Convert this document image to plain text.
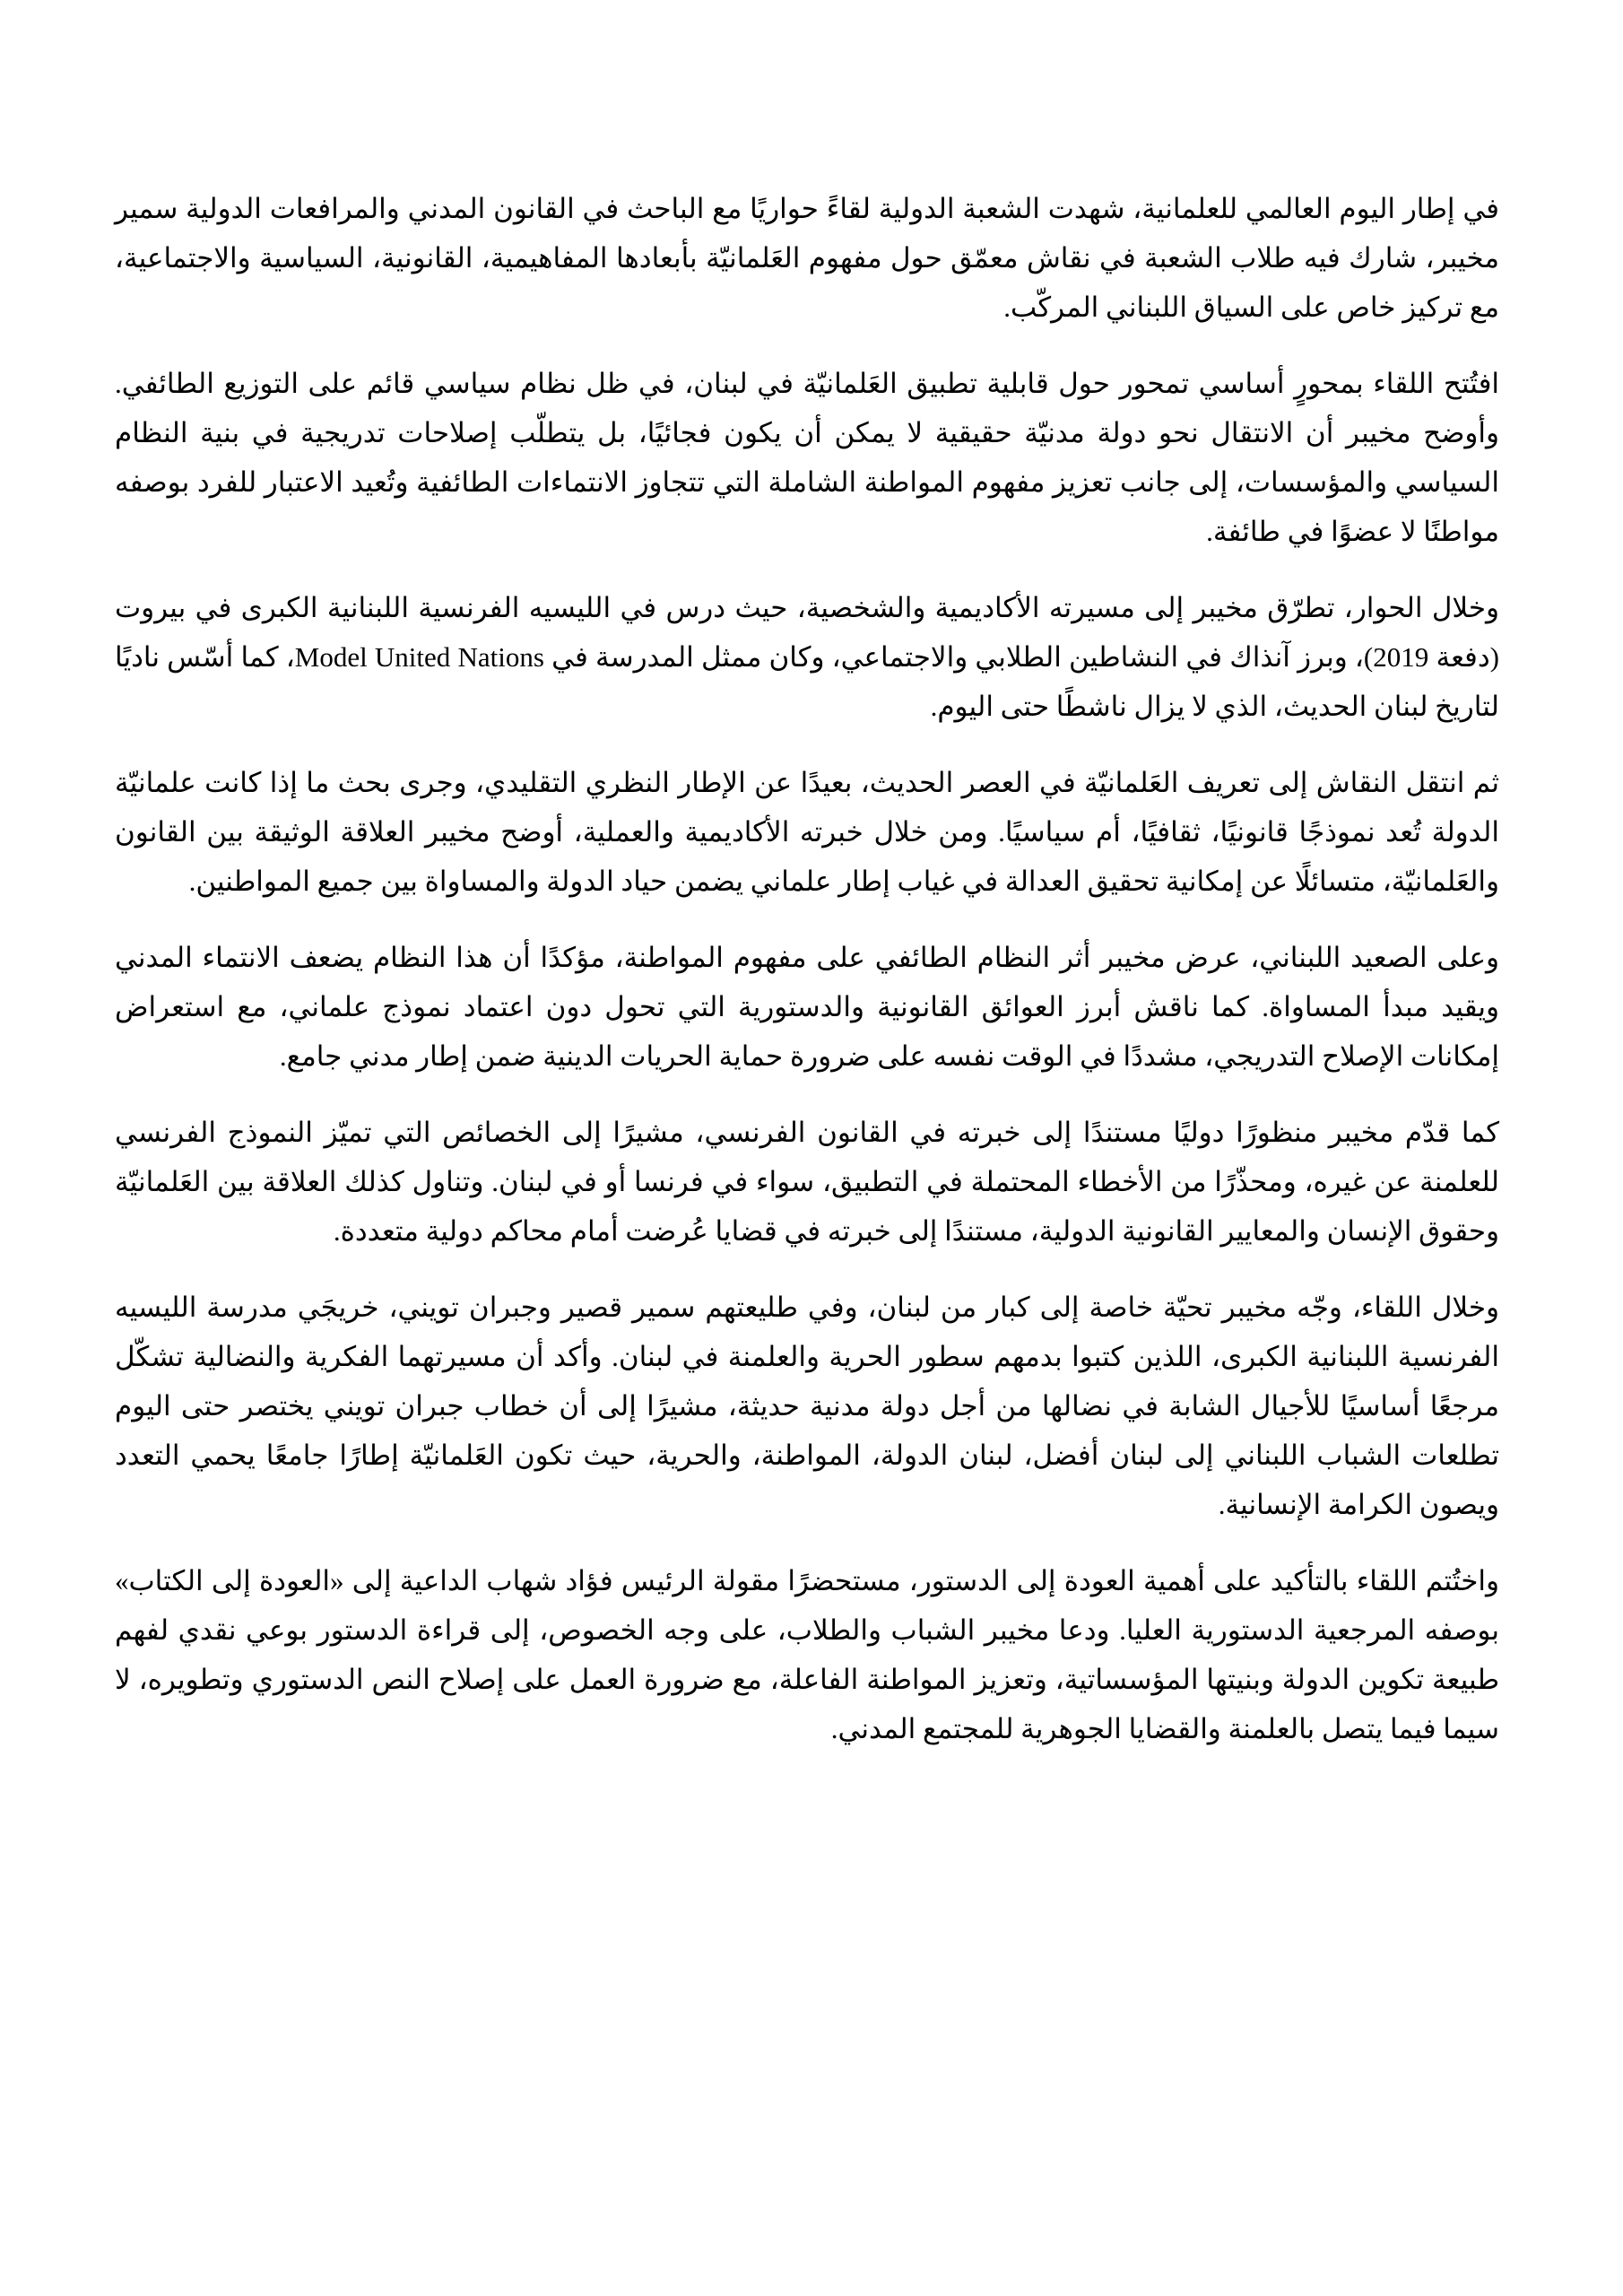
في إطار اليوم العالمي للعلمانية، شهدت الشعبة الدولية لقاءً حواريًا مع الباحث في القانون المدني والمرافعات الدولية سمير مخيبر، شارك فيه طلاب الشعبة في نقاش معمّق حول مفهوم العَلمانيّة بأبعادها المفاهيمية، القانونية، السياسية والاجتماعية، مع تركيز خاص على السياق اللبناني المركّب.

افتُتح اللقاء بمحورٍ أساسي تمحور حول قابلية تطبيق العَلمانيّة في لبنان، في ظل نظام سياسي قائم على التوزيع الطائفي. وأوضح مخيبر أن الانتقال نحو دولة مدنيّة حقيقية لا يمكن أن يكون فجائيًا، بل يتطلّب إصلاحات تدريجية في بنية النظام السياسي والمؤسسات، إلى جانب تعزيز مفهوم المواطنة الشاملة التي تتجاوز الانتماءات الطائفية وتُعيد الاعتبار للفرد بوصفه مواطنًا لا عضوًا في طائفة.

وخلال الحوار، تطرّق مخيبر إلى مسيرته الأكاديمية والشخصية، حيث درس في الليسيه الفرنسية اللبنانية الكبرى في بيروت (دفعة 2019)، وبرز آنذاك في النشاطين الطلابي والاجتماعي، وكان ممثل المدرسة في Model United Nations، كما أسّس ناديًا لتاريخ لبنان الحديث، الذي لا يزال ناشطًا حتى اليوم.

ثم انتقل النقاش إلى تعريف العَلمانيّة في العصر الحديث، بعيدًا عن الإطار النظري التقليدي، وجرى بحث ما إذا كانت علمانيّة الدولة تُعد نموذجًا قانونيًا، ثقافيًا، أم سياسيًا. ومن خلال خبرته الأكاديمية والعملية، أوضح مخيبر العلاقة الوثيقة بين القانون والعَلمانيّة، متسائلًا عن إمكانية تحقيق العدالة في غياب إطار علماني يضمن حياد الدولة والمساواة بين جميع المواطنين.

وعلى الصعيد اللبناني، عرض مخيبر أثر النظام الطائفي على مفهوم المواطنة، مؤكدًا أن هذا النظام يضعف الانتماء المدني ويقيد مبدأ المساواة. كما ناقش أبرز العوائق القانونية والدستورية التي تحول دون اعتماد نموذج علماني، مع استعراض إمكانات الإصلاح التدريجي، مشددًا في الوقت نفسه على ضرورة حماية الحريات الدينية ضمن إطار مدني جامع.

كما قدّم مخيبر منظورًا دوليًا مستندًا إلى خبرته في القانون الفرنسي، مشيرًا إلى الخصائص التي تميّز النموذج الفرنسي للعلمنة عن غيره، ومحذّرًا من الأخطاء المحتملة في التطبيق، سواء في فرنسا أو في لبنان. وتناول كذلك العلاقة بين العَلمانيّة وحقوق الإنسان والمعايير القانونية الدولية، مستندًا إلى خبرته في قضايا عُرضت أمام محاكم دولية متعددة.

وخلال اللقاء، وجّه مخيبر تحيّة خاصة إلى كبار من لبنان، وفي طليعتهم سمير قصير وجبران تويني، خريجَي مدرسة الليسيه الفرنسية اللبنانية الكبرى، اللذين كتبوا بدمهم سطور الحرية والعلمنة في لبنان. وأكد أن مسيرتهما الفكرية والنضالية تشكّل مرجعًا أساسيًا للأجيال الشابة في نضالها من أجل دولة مدنية حديثة، مشيرًا إلى أن خطاب جبران تويني يختصر حتى اليوم تطلعات الشباب اللبناني إلى لبنان أفضل، لبنان الدولة، المواطنة، والحرية، حيث تكون العَلمانيّة إطارًا جامعًا يحمي التعدد ويصون الكرامة الإنسانية.

واختُتم اللقاء بالتأكيد على أهمية العودة إلى الدستور، مستحضرًا مقولة الرئيس فؤاد شهاب الداعية إلى «العودة إلى الكتاب» بوصفه المرجعية الدستورية العليا. ودعا مخيبر الشباب والطلاب، على وجه الخصوص، إلى قراءة الدستور بوعي نقدي لفهم طبيعة تكوين الدولة وبنيتها المؤسساتية، وتعزيز المواطنة الفاعلة، مع ضرورة العمل على إصلاح النص الدستوري وتطويره، لا سيما فيما يتصل بالعلمنة والقضايا الجوهرية للمجتمع المدني.
